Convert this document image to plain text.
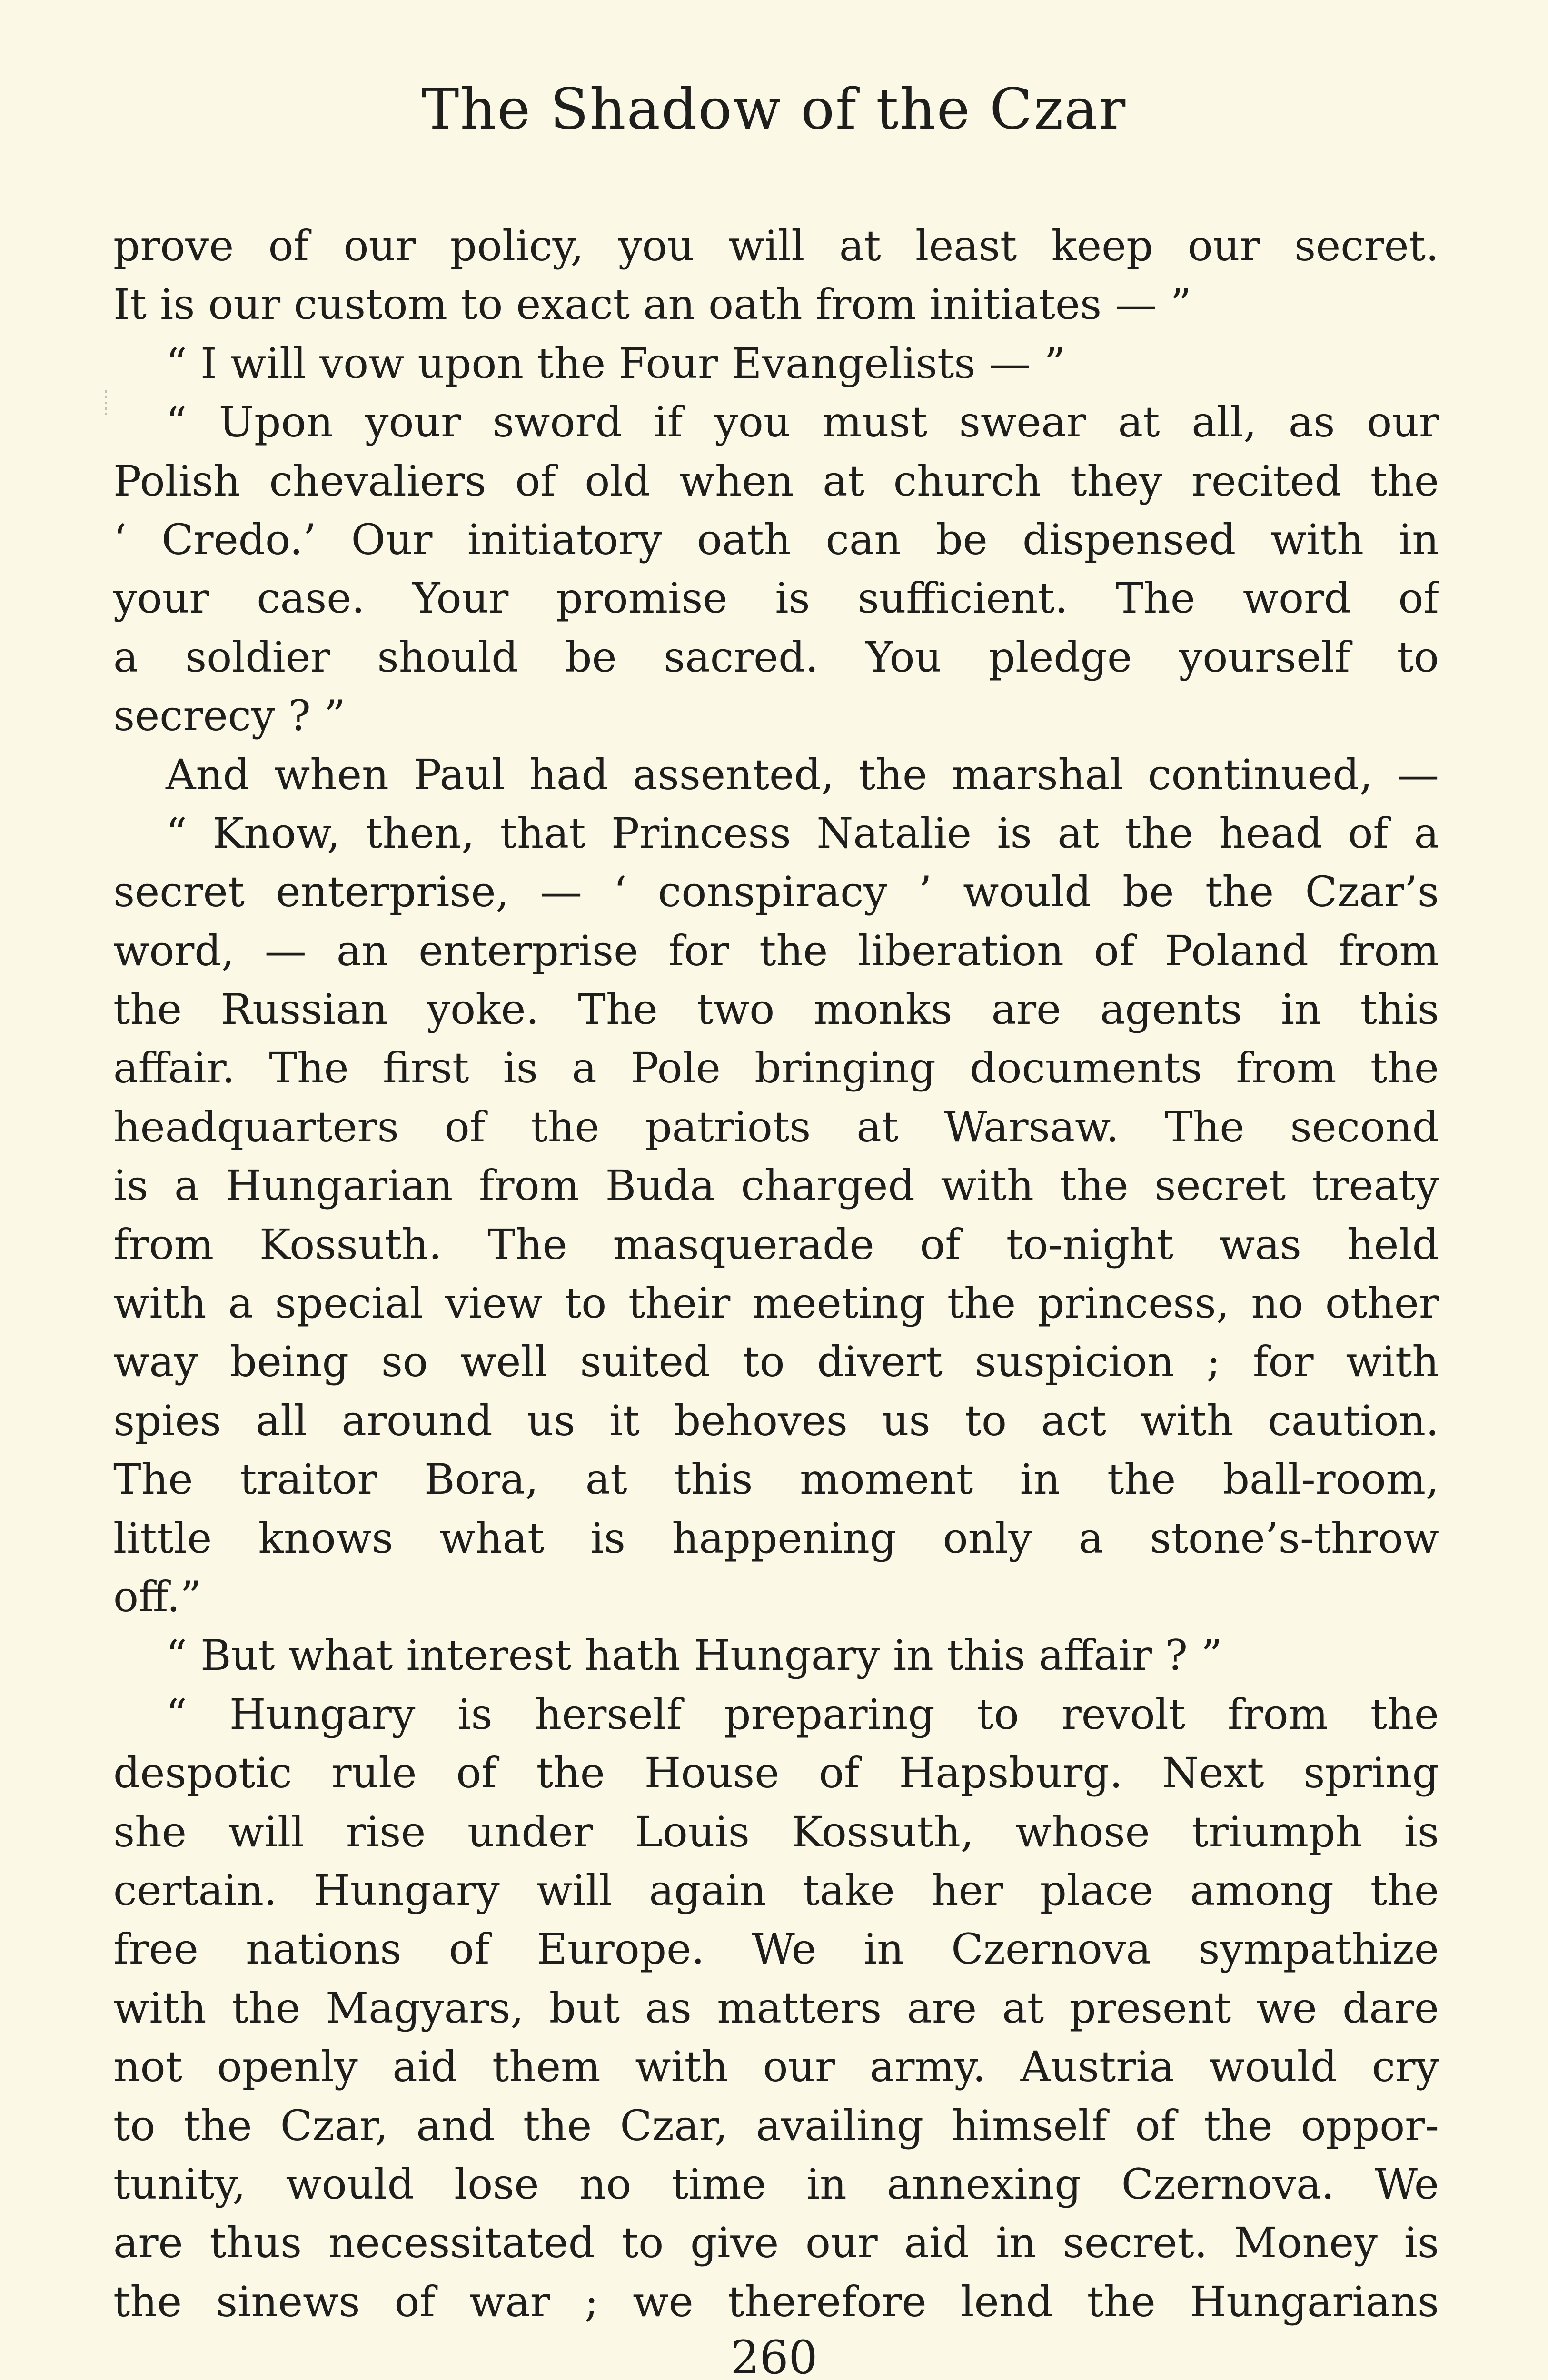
The Shadow of the Czar
prove of our policy, you will at least keep our secret.
It is our custom to exact an oath from initiates — ”
“ I will vow upon the Four Evangelists — ”
“ Upon your sword if you must swear at all, as our
Polish chevaliers of old when at church they recited the
‘ Credo.’ Our initiatory oath can be dispensed with in
your case. Your promise is sufficient. The word of
a soldier should be sacred. You pledge yourself to
secrecy ? ”
And when Paul had assented, the marshal continued, —
“ Know, then, that Princess Natalie is at the head of a
secret enterprise, — ‘ conspiracy ’ would be the Czar’s
word, — an enterprise for the liberation of Poland from
the Russian yoke. The two monks are agents in this
affair. The first is a Pole bringing documents from the
headquarters of the patriots at Warsaw. The second
is a Hungarian from Buda charged with the secret treaty
from Kossuth. The masquerade of to-night was held
with a special view to their meeting the princess, no other
way being so well suited to divert suspicion ; for with
spies all around us it behoves us to act with caution.
The traitor Bora, at this moment in the ball-room,
little knows what is happening only a stone’s-throw
off.”
“ But what interest hath Hungary in this affair ? ”
“ Hungary is herself preparing to revolt from the
despotic rule of the House of Hapsburg. Next spring
she will rise under Louis Kossuth, whose triumph is
certain. Hungary will again take her place among the
free nations of Europe. We in Czernova sympathize
with the Magyars, but as matters are at present we dare
not openly aid them with our army. Austria would cry
to the Czar, and the Czar, availing himself of the oppor-
tunity, would lose no time in annexing Czernova. We
are thus necessitated to give our aid in secret. Money is
the sinews of war ; we therefore lend the Hungarians
260
